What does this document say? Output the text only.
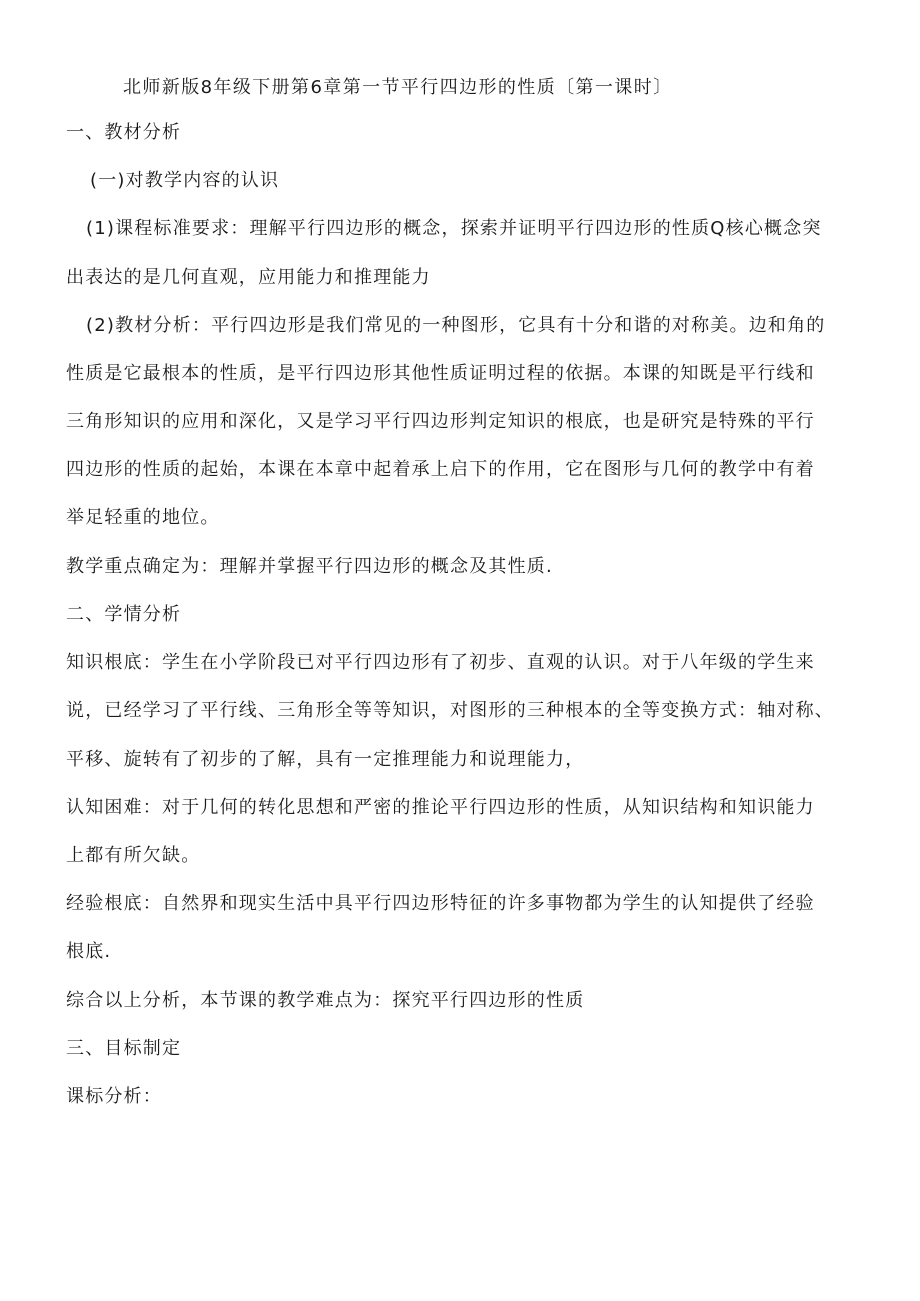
北师新版8年级下册第6章第一节平行四边形的性质〔第一课时〕
一、教材分析
(一)对教学内容的认识
(1)课程标准要求：理解平行四边形的概念，探索并证明平行四边形的性质Q核心概念突
出表达的是几何直观，应用能力和推理能力
(2)教材分析：平行四边形是我们常见的一种图形，它具有十分和谐的对称美。边和角的
性质是它最根本的性质，是平行四边形其他性质证明过程的依据。本课的知既是平行线和
三角形知识的应用和深化，又是学习平行四边形判定知识的根底，也是研究是特殊的平行
四边形的性质的起始，本课在本章中起着承上启下的作用，它在图形与几何的教学中有着
举足轻重的地位。
教学重点确定为：理解并掌握平行四边形的概念及其性质.
二、学情分析
知识根底：学生在小学阶段已对平行四边形有了初步、直观的认识。对于八年级的学生来
说，已经学习了平行线、三角形全等等知识，对图形的三种根本的全等变换方式：轴对称、
平移、旋转有了初步的了解，具有一定推理能力和说理能力，
认知困难：对于几何的转化思想和严密的推论平行四边形的性质，从知识结构和知识能力
上都有所欠缺。
经验根底：自然界和现实生活中具平行四边形特征的许多事物都为学生的认知提供了经验
根底.
综合以上分析，本节课的教学难点为：探究平行四边形的性质
三、目标制定
课标分析：
